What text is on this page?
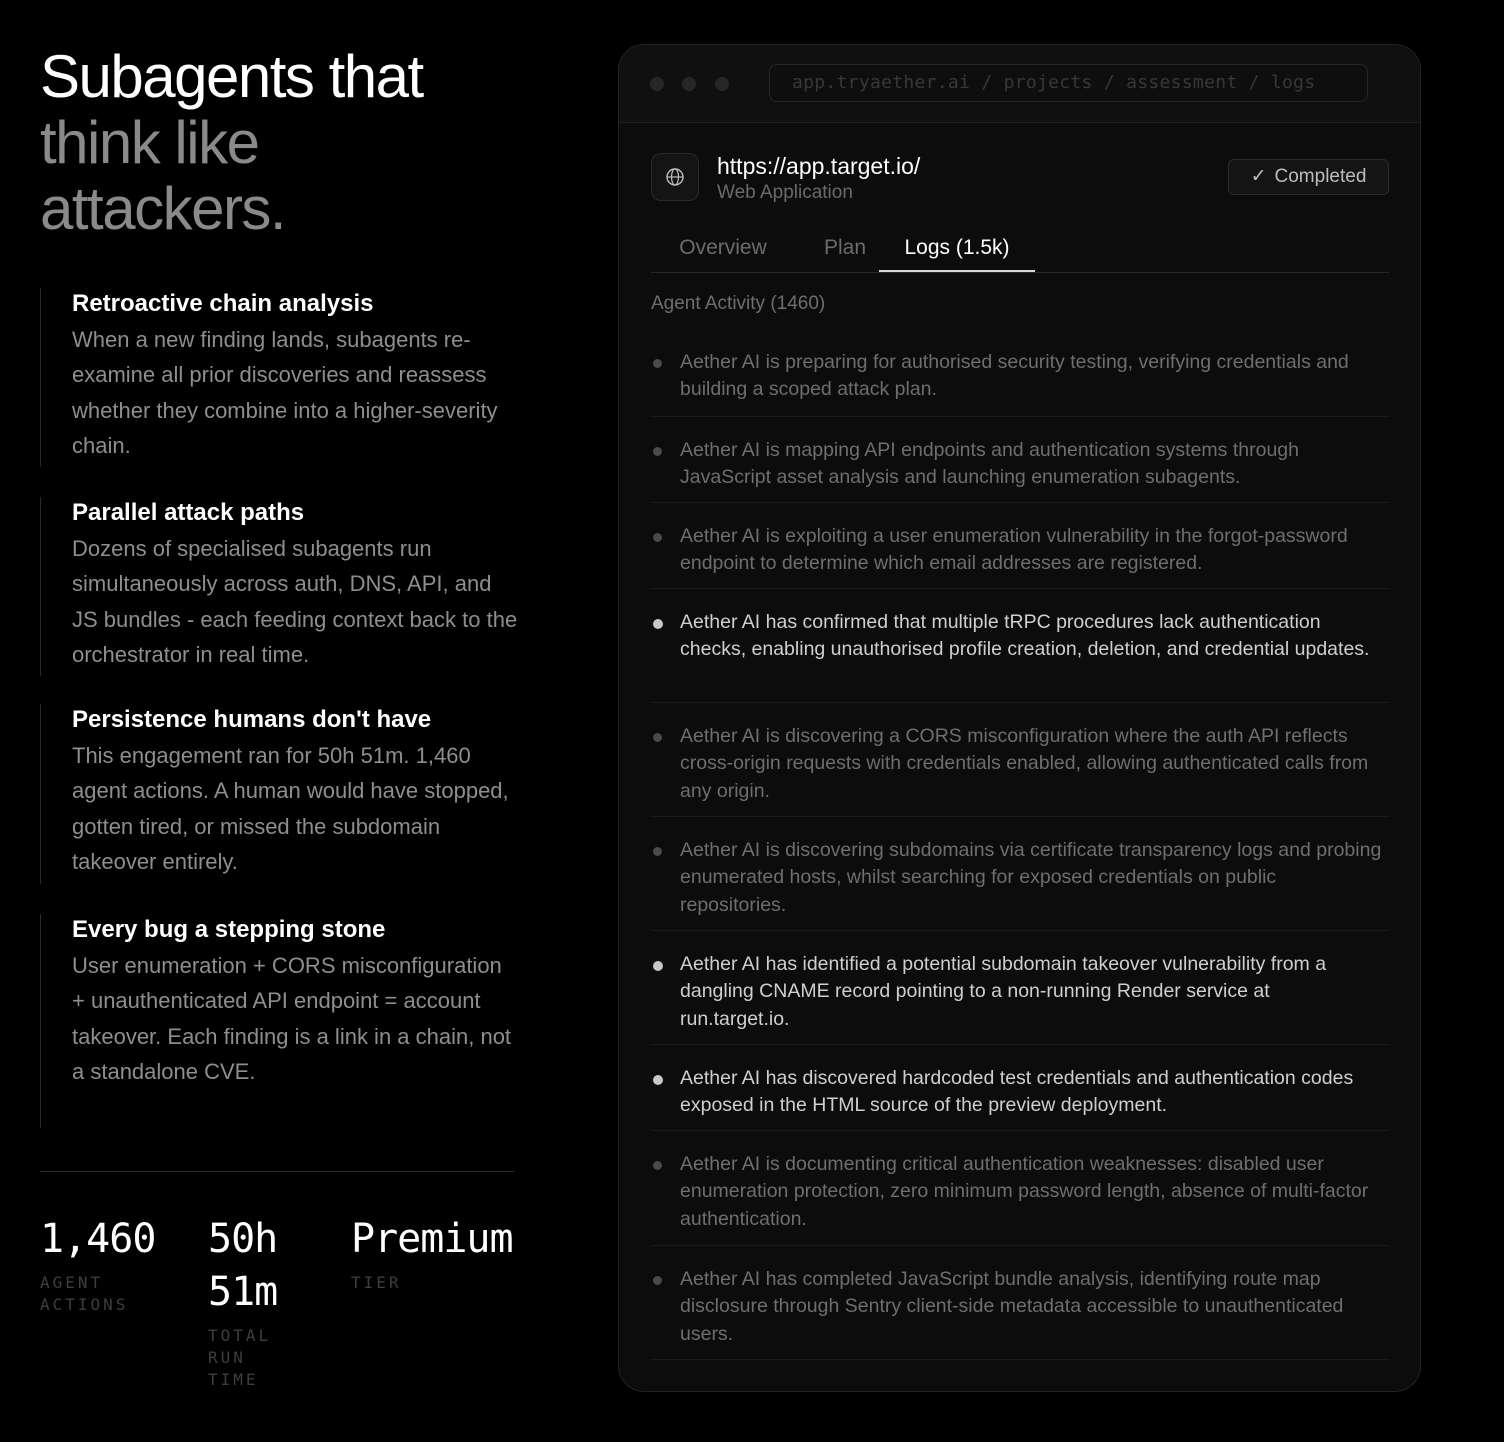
Subagents that
think like
attackers.
Retroactive chain analysis

When a new finding lands, subagents re-examine all prior discoveries and reassess whether they combine into a higher-severity chain.

Parallel attack paths

Dozens of specialised subagents run simultaneously across auth, DNS, API, and JS bundles - each feeding context back to the orchestrator in real time.

Persistence humans don't have

This engagement ran for 50h 51m. 1,460 agent actions. A human would have stopped, gotten tired, or missed the subdomain takeover entirely.

Every bug a stepping stone

User enumeration + CORS misconfiguration + unauthenticated API endpoint = account takeover. Each finding is a link in a chain, not a standalone CVE.

1,460
AGENT ACTIONS
50h 51m
TOTAL RUN TIME
Premium
TIER
app.tryaether.ai / projects / assessment / logs
https://app.target.io/
Web Application
✓ Completed
Overview	Plan	Logs (1.5k)
Agent Activity (1460)

Aether AI is preparing for authorised security testing, verifying credentials and building a scoped attack plan.

Aether AI is mapping API endpoints and authentication systems through JavaScript asset analysis and launching enumeration subagents.

Aether AI is exploiting a user enumeration vulnerability in the forgot-password endpoint to determine which email addresses are registered.

Aether AI has confirmed that multiple tRPC procedures lack authentication checks, enabling unauthorised profile creation, deletion, and credential updates.

Aether AI is discovering a CORS misconfiguration where the auth API reflects cross-origin requests with credentials enabled, allowing authenticated calls from any origin.

Aether AI is discovering subdomains via certificate transparency logs and probing enumerated hosts, whilst searching for exposed credentials on public repositories.

Aether AI has identified a potential subdomain takeover vulnerability from a dangling CNAME record pointing to a non-running Render service at run.target.io.

Aether AI has discovered hardcoded test credentials and authentication codes exposed in the HTML source of the preview deployment.

Aether AI is documenting critical authentication weaknesses: disabled user enumeration protection, zero minimum password length, absence of multi-factor authentication.

Aether AI has completed JavaScript bundle analysis, identifying route map disclosure through Sentry client-side metadata accessible to unauthenticated users.
